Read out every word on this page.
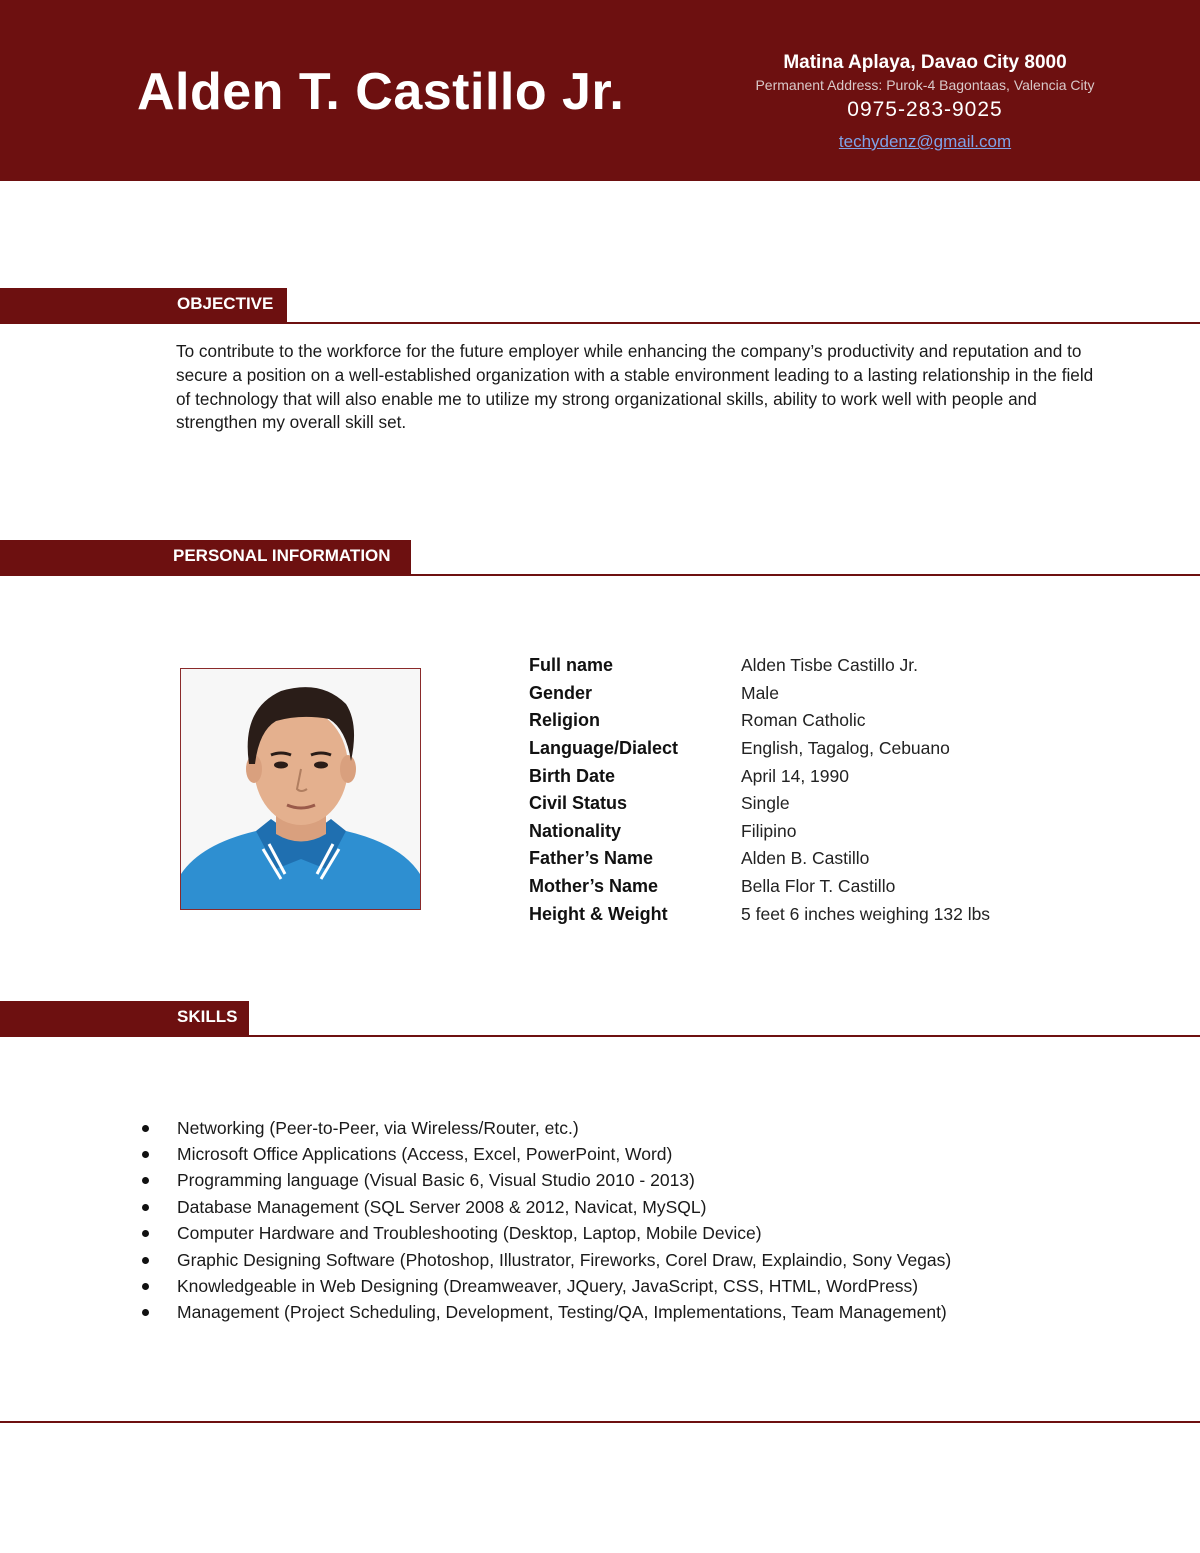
Alden T. Castillo Jr.
Matina Aplaya, Davao City 8000
Permanent Address: Purok-4 Bagontaas, Valencia City
0975-283-9025
techydenz@gmail.com
OBJECTIVE
To contribute to the workforce for the future employer while enhancing the company’s productivity and reputation and to secure a position on a well-established organization with a stable environment leading to a lasting relationship in the field of technology that will also enable me to utilize my strong organizational skills, ability to work well with people and strengthen my overall skill set.
PERSONAL INFORMATION
Full name	Alden Tisbe Castillo Jr.
Gender	Male
Religion	Roman Catholic
Language/Dialect	English, Tagalog, Cebuano
Birth Date	April 14, 1990
Civil Status	Single
Nationality	Filipino
Father’s Name	Alden B. Castillo
Mother’s Name	Bella Flor T. Castillo
Height & Weight	5 feet 6 inches weighing 132 lbs
SKILLS
Networking (Peer-to-Peer, via Wireless/Router, etc.)
Microsoft Office Applications (Access, Excel, PowerPoint, Word)
Programming language (Visual Basic 6, Visual Studio 2010 - 2013)
Database Management (SQL Server 2008 & 2012, Navicat, MySQL)
Computer Hardware and Troubleshooting (Desktop, Laptop, Mobile Device)
Graphic Designing Software (Photoshop, Illustrator, Fireworks, Corel Draw, Explaindio, Sony Vegas)
Knowledgeable in Web Designing (Dreamweaver, JQuery, JavaScript, CSS, HTML, WordPress)
Management (Project Scheduling, Development, Testing/QA, Implementations, Team Management)
